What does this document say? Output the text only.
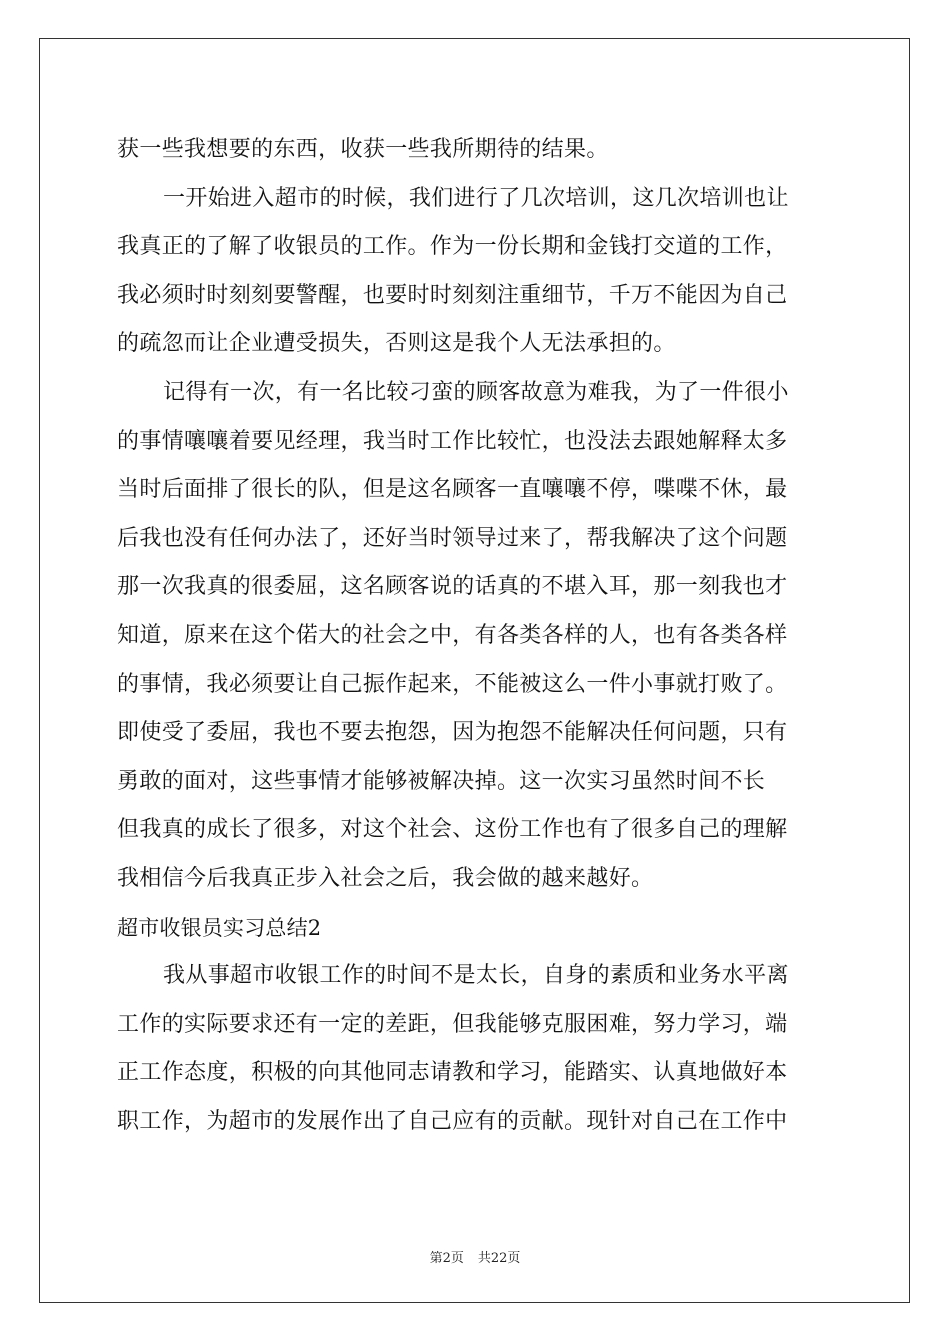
获一些我想要的东西，收获一些我所期待的结果。
一开始进入超市的时候，我们进行了几次培训，这几次培训也让
我真正的了解了收银员的工作。作为一份长期和金钱打交道的工作，
我必须时时刻刻要警醒，也要时时刻刻注重细节，千万不能因为自己
的疏忽而让企业遭受损失，否则这是我个人无法承担的。
记得有一次，有一名比较刁蛮的顾客故意为难我，为了一件很小
的事情嚷嚷着要见经理，我当时工作比较忙，也没法去跟她解释太多
当时后面排了很长的队，但是这名顾客一直嚷嚷不停，喋喋不休，最
后我也没有任何办法了，还好当时领导过来了，帮我解决了这个问题
那一次我真的很委屈，这名顾客说的话真的不堪入耳，那一刻我也才
知道，原来在这个偌大的社会之中，有各类各样的人，也有各类各样
的事情，我必须要让自己振作起来，不能被这么一件小事就打败了。
即使受了委屈，我也不要去抱怨，因为抱怨不能解决任何问题，只有
勇敢的面对，这些事情才能够被解决掉。这一次实习虽然时间不长
但我真的成长了很多，对这个社会、这份工作也有了很多自己的理解
我相信今后我真正步入社会之后，我会做的越来越好。
超市收银员实习总结2
我从事超市收银工作的时间不是太长，自身的素质和业务水平离
工作的实际要求还有一定的差距，但我能够克服困难，努力学习，端
正工作态度，积极的向其他同志请教和学习，能踏实、认真地做好本
职工作，为超市的发展作出了自己应有的贡献。现针对自己在工作中
第2页 共22页
